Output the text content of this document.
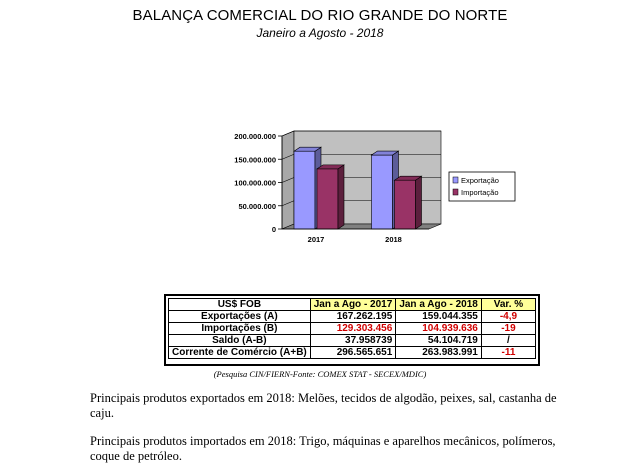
BALANÇA COMERCIAL DO RIO GRANDE DO NORTE
Janeiro a Agosto - 2018
0
50.000.000
100.000.000
150.000.000
200.000.000
2017	2018
Exportação
Importação
US$ FOB	Jan a Ago - 2017	Jan a Ago - 2018	Var. %
Exportações (A)	167.262.195	159.044.355	-4,9
Importações (B)	129.303.456	104.939.636	-19
Saldo (A-B)	37.958739	54.104.719	/
Corrente de Comércio (A+B)	296.565.651	263.983.991	-11
(Pesquisa CIN/FIERN-Fonte: COMEX STAT - SECEX/MDIC)
Principais produtos exportados em 2018: Melões, tecidos de algodão, peixes, sal, castanha de caju.
Principais produtos importados em 2018: Trigo, máquinas e aparelhos mecânicos, polímeros, coque de petróleo.
